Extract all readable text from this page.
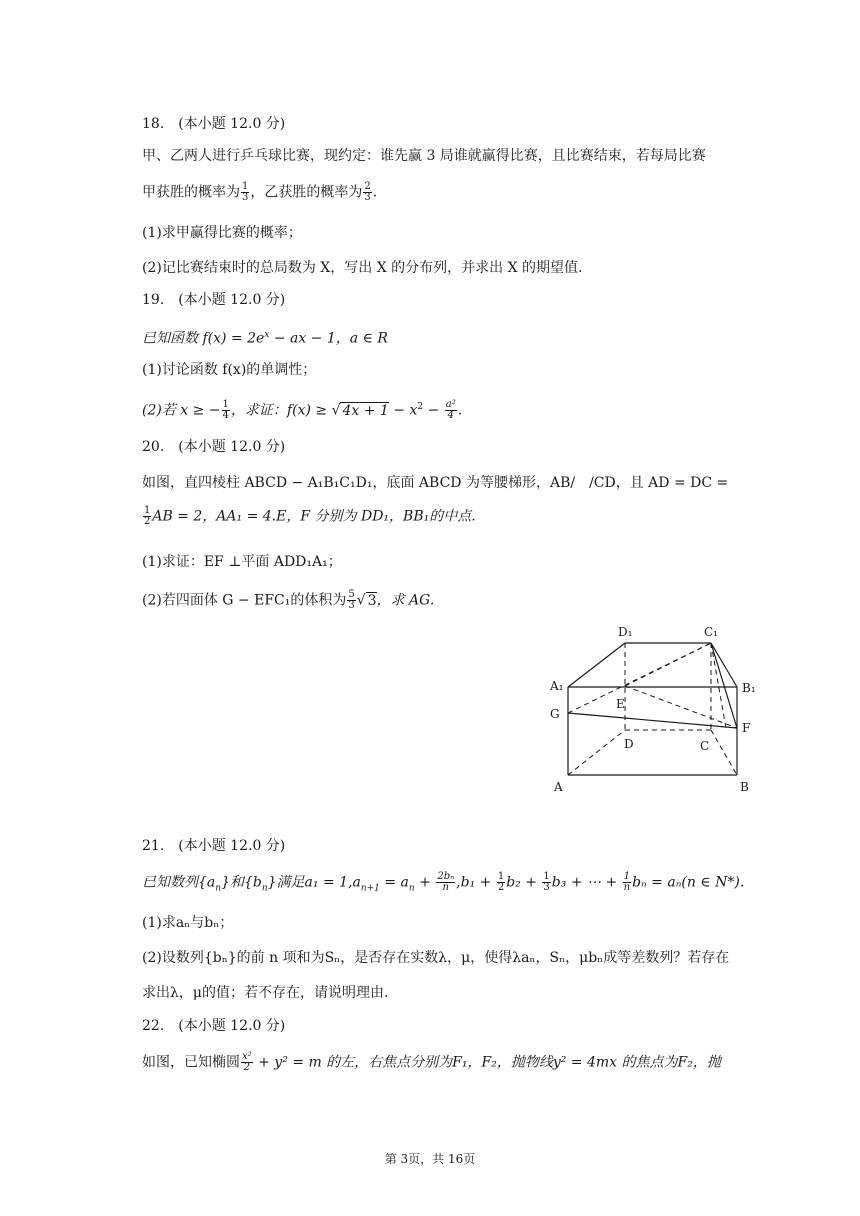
18.　(本小题 12.0 分)
甲、乙两人进行乒乓球比赛，现约定：谁先赢 3 局谁就赢得比赛，且比赛结束，若每局比赛
甲获胜的概率为 $\frac{1}{3}$ ，乙获胜的概率为 $\frac{2}{3}$ .
(1)求甲赢得比赛的概率；
(2)记比赛结束时的总局数为 X，写出 X 的分布列，并求出 X 的期望值.
19.　(本小题 12.0 分)
已知函数 $f(x) = 2e^x$ − ax − 1，a ∈ R
(1)讨论函数 f(x)的单调性；
(2)若 x ≥ − $\frac{1}{4}$ ，求证：f(x) ≥ √ $4x + 1 - x^2 - \frac{\text{a²}}{4}$ .
20.　(本小题 12.0 分)
如图，直四棱柱 ABCD − A₁B₁C₁D₁，底面 ABCD 为等腰梯形，AB/　/CD，且 AD = DC =
$\frac{1}{2}$ AB = 2，AA₁ = 4.E，F 分别为 DD₁，BB₁的中点.
(1)求证：EF ⊥平面 ADD₁A₁；
(2)若四面体 G − EFC₁的体积为 $\frac{5}{3}$ √ 3，求 AG.
D₁	C₁
A₁	B₁
G
E
F
D	C
A	B
21.　(本小题 12.0 分)
已知数列$\{a_n\}$和$\{b_n\}$满足$a_1 = 1,a_{n+1} = a_n + \frac{\text{2bₙ}}{n} ,b_1 + \frac{1}{2} b_2 + \frac{1}{3} b_3$ + ⋯ + $\frac{1}{n}$ bₙ = aₙ(n ∈ N*).
(1)求aₙ与bₙ；
(2)设数列{bₙ}的前 n 项和为Sₙ，是否存在实数λ，μ，使得λaₙ，Sₙ，μbₙ成等差数列？若存在
求出λ，μ的值；若不存在，请说明理由.
22.　(本小题 12.0 分)
如图，已知椭圆 $\frac{\text{x²}}{2} + y^2 = m$ 的左，右焦点分别为F₁，F₂，抛物线y² = 4mx 的焦点为F₂，抛
第 3页，共 16页
